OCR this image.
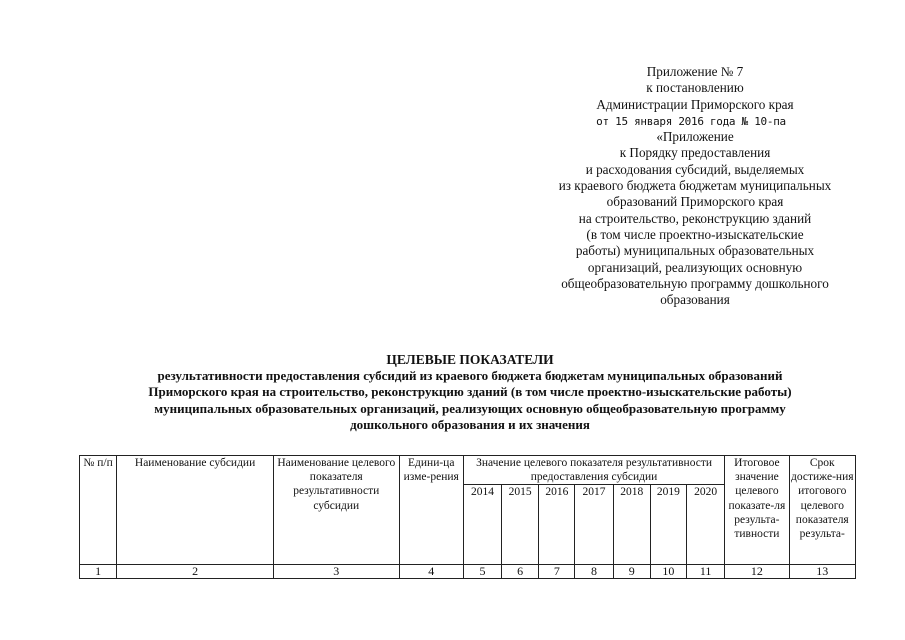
Приложение № 7
к постановлению
Администрации Приморского края
от 15 января 2016 года № 10-па
«Приложение
к Порядку предоставления
и расходования субсидий, выделяемых
из краевого бюджета бюджетам муниципальных
образований Приморского края
на строительство, реконструкцию зданий
(в том числе проектно-изыскательские
работы) муниципальных образовательных
организаций, реализующих основную
общеобразовательную программу дошкольного
образования
ЦЕЛЕВЫЕ ПОКАЗАТЕЛИ
результативности предоставления субсидий из краевого бюджета бюджетам муниципальных образований
Приморского края на строительство, реконструкцию зданий (в том числе проектно-изыскательские работы)
муниципальных образовательных организаций, реализующих основную общеобразовательную программу
дошкольного образования и их значения
№ п/п	Наименование субсидии	Наименование целевого показателя результативности субсидии	Едини-ца изме-рения	Значение целевого показателя результативности предоставления субсидии							Итоговое значение целевого показате-ля результа-тивности	Срок достиже-ния итогового целевого показателя результа-
				2014	2015	2016	2017	2018	2019	2020		
1	2	3	4	5	6	7	8	9	10	11	12	13
